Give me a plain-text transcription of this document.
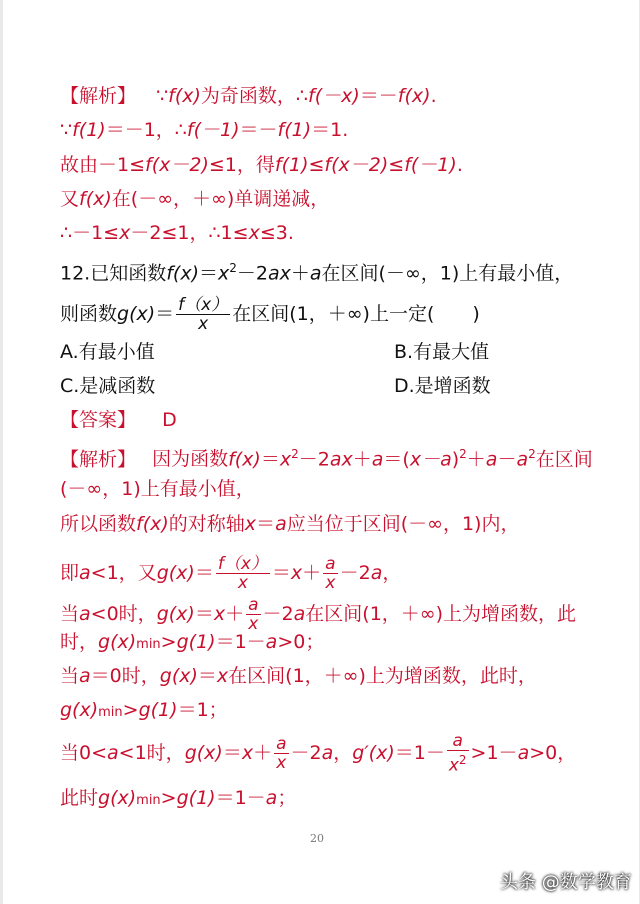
【解析】 ∵f(x)为奇函数，∴f(－x)＝－f(x).
∵f(1)＝－1，∴f(－1)＝－f(1)＝1.
故由－1≤f(x－2)≤1，得f(1)≤f(x－2)≤f(－1).
又f(x)在(－∞，＋∞)单调递减，
∴－1≤x－2≤1，∴1≤x≤3.
12.已知函数$f(x)=x^2-2ax+a$在区间(－∞，1)上有最小值，
则函数$g(x)= \frac{f(x)}{x}$ 在区间(1，＋∞)上一定(　　)
A.有最小值	B.有最大值
C.是减函数	D.是增函数
【答案】 D
【解析】 因为函数$f(x)=x^2-2ax+a=(x-a)^2+a-a^2$在区间
(－∞，1)上有最小值，
所以函数f(x)的对称轴x＝a应当位于区间(－∞，1)内，
即a<1，又$g(x)= \frac{f(x)}{x} =x+ \frac{a}{x} -2a$，
当a<0时，$g(x)=x+ \frac{a}{x} -2a$在区间(1，＋∞)上为增函数，此
时，g(x)min>g(1)＝1－a>0；
当a＝0时，g(x)＝x在区间(1，＋∞)上为增函数，此时，
g(x)min>g(1)＝1；
当0<a<1时，$g(x)=x+ \frac{a}{x} -2a$，$g'(x)=1- \frac{a}{x^2} >1-a>0$，
此时g(x)min>g(1)＝1－a；
20
头条 @数学教育
